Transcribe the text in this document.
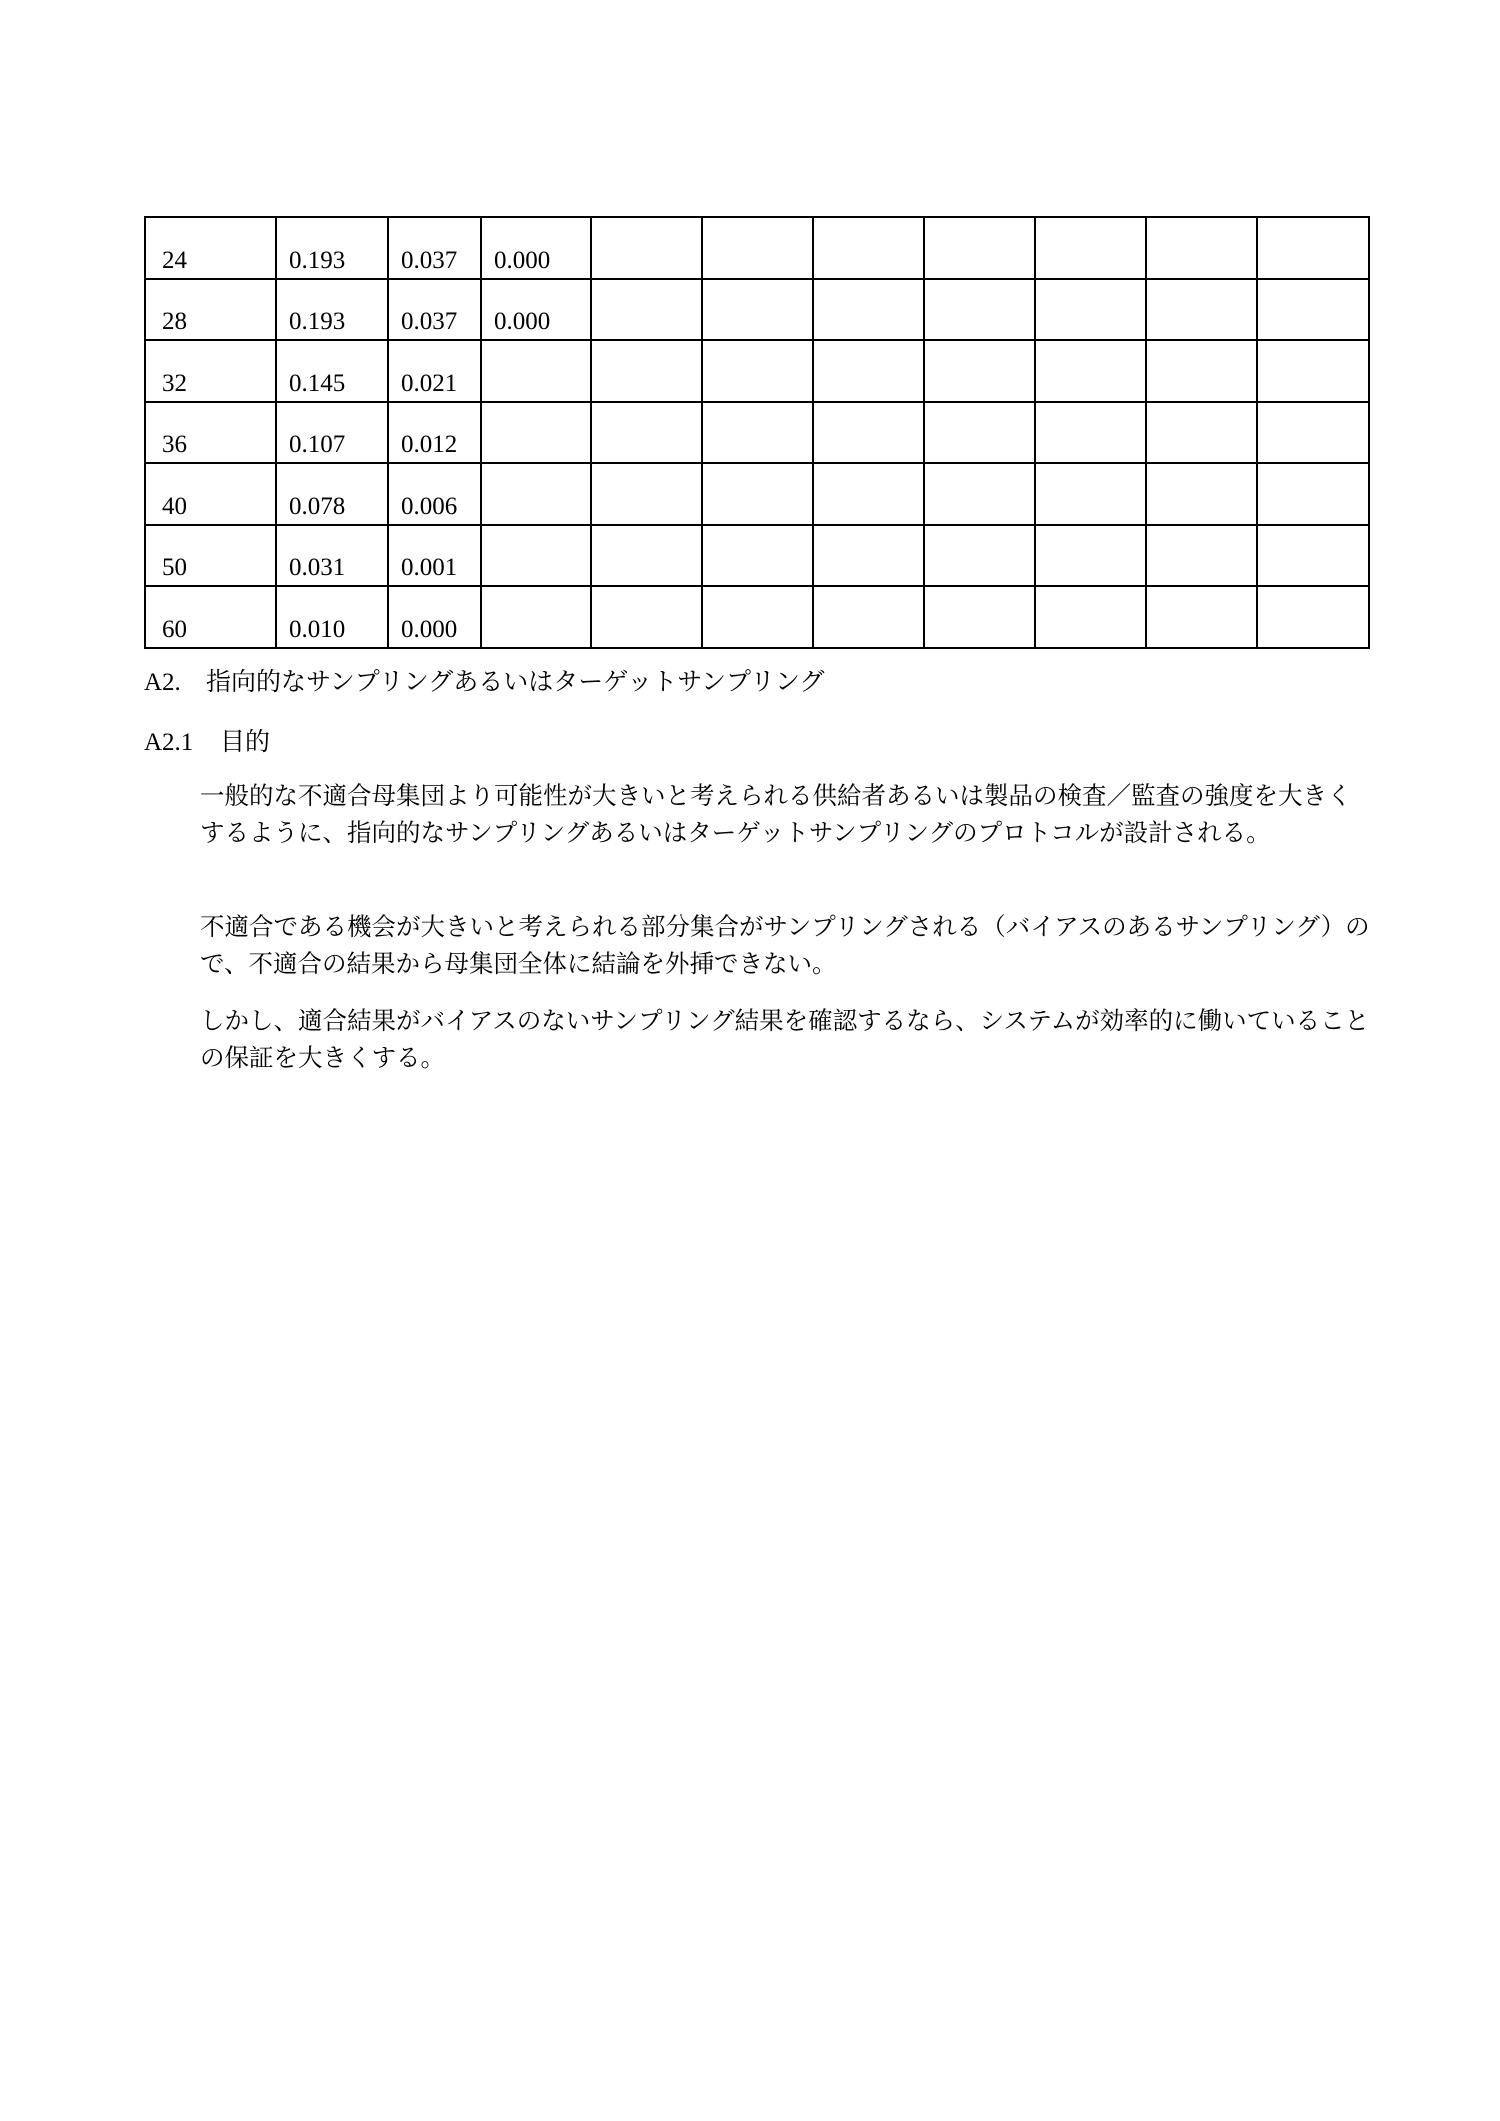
24	0.193	0.037	0.000							
28	0.193	0.037	0.000							
32	0.145	0.021								
36	0.107	0.012								
40	0.078	0.006								
50	0.031	0.001								
60	0.010	0.000								
A2. 指向的なサンプリングあるいはターゲットサンプリング
A2.1 目的

一般的な不適合母集団より可能性が大きいと考えられる供給者あるいは製品の検査／監査の強度を大きくするように、指向的なサンプリングあるいはターゲットサンプリングのプロトコルが設計される。

不適合である機会が大きいと考えられる部分集合がサンプリングされる（バイアスのあるサンプリング）ので、不適合の結果から母集団全体に結論を外挿できない。

しかし、適合結果がバイアスのないサンプリング結果を確認するなら、システムが効率的に働いていることの保証を大きくする。
